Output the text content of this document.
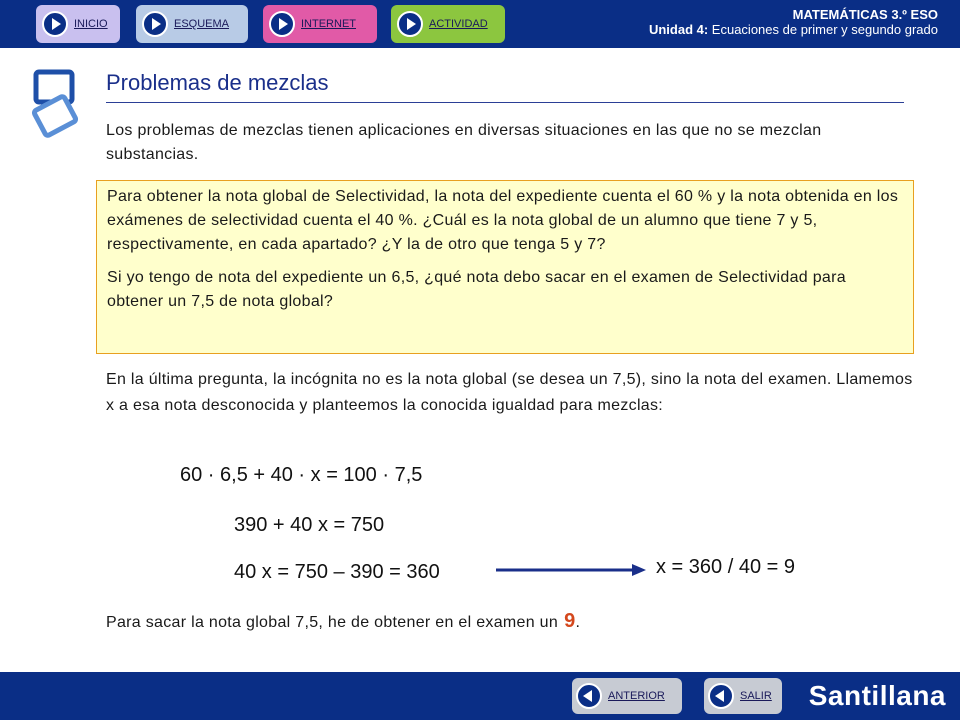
INICIO	ESQUEMA	INTERNET	ACTIVIDAD
MATEMÁTICAS 3.º ESO
Unidad 4: Ecuaciones de primer y segundo grado
Problemas de mezclas

Los problemas de mezclas tienen aplicaciones en diversas situaciones en las que no se mezclan substancias.

Para obtener la nota global de Selectividad, la nota del expediente cuenta el 60 % y la nota obtenida en los exámenes de selectividad cuenta el 40 %. ¿Cuál es la nota global de un alumno que tiene 7 y 5, respectivamente, en cada apartado? ¿Y la de otro que tenga 5 y 7?

Si yo tengo de nota del expediente un 6,5, ¿qué nota debo sacar en el examen de Selectividad para obtener un 7,5 de nota global?

En la última pregunta, la incógnita no es la nota global (se desea un 7,5), sino la nota del examen. Llamemos x a esa nota desconocida y planteemos la conocida igualdad para mezclas:

60 · 6,5 + 40 · x = 100 · 7,5
390 + 40 x = 750
40 x = 750 – 390 = 360	x = 360 / 40 = 9
Para sacar la nota global 7,5, he de obtener en el examen un 9.
ANTERIOR	SALIR Santillana
